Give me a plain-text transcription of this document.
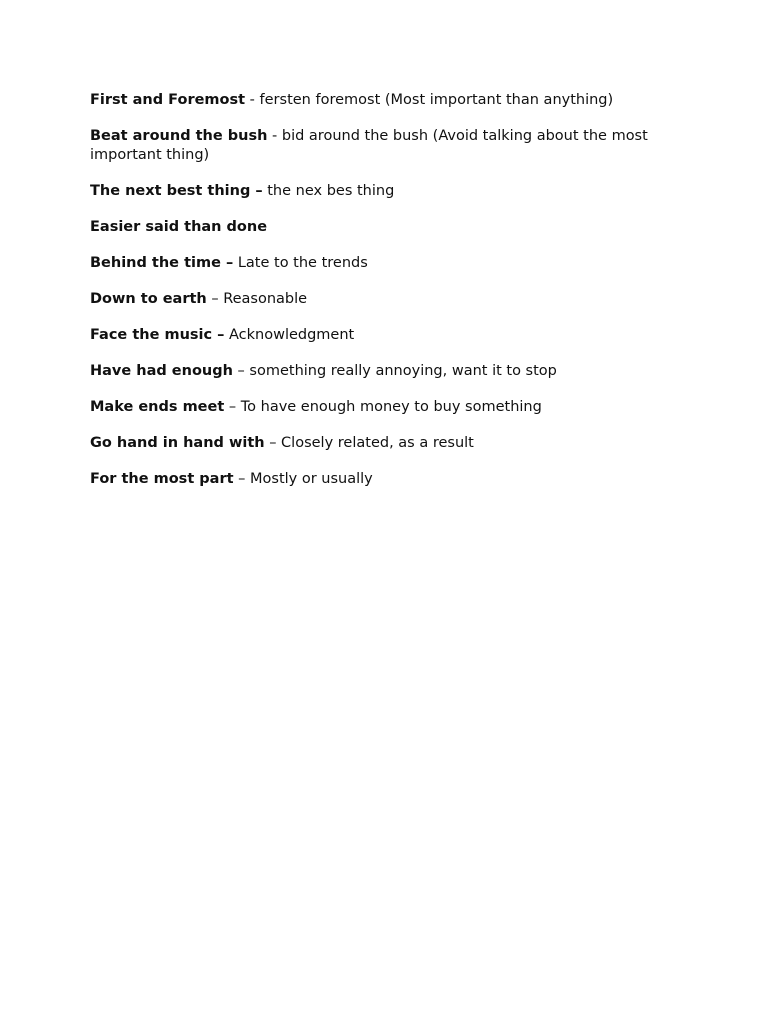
First and Foremost - fersten foremost (Most important than anything)

Beat around the bush - bid around the bush (Avoid talking about the most important thing)

The next best thing – the nex bes thing

Easier said than done

Behind the time – Late to the trends

Down to earth – Reasonable

Face the music – Acknowledgment

Have had enough – something really annoying, want it to stop

Make ends meet – To have enough money to buy something

Go hand in hand with – Closely related, as a result

For the most part – Mostly or usually
